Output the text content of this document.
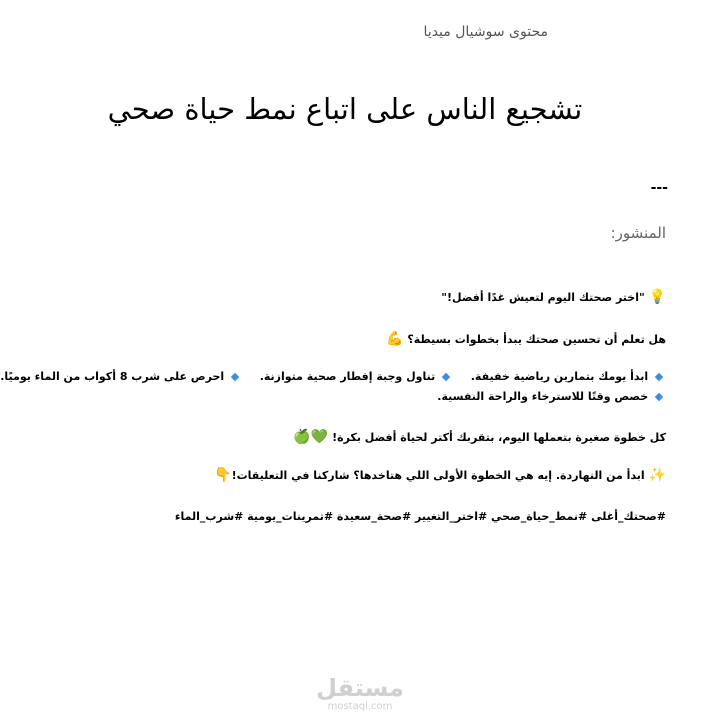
محتوى سوشيال ميديا
تشجيع الناس على اتباع نمط حياة صحي
---
المنشور:
💡 "اختر صحتك اليوم لتعيش غدًا أفضل!"
هل تعلم أن تحسين صحتك يبدأ بخطوات بسيطة؟ 💪
ابدأ يومك بتمارين رياضية خفيفة.   تناول وجبة إفطار صحية متوازنة.   احرص على شرب 8 أكواب من الماء يوميًا.
خصص وقتًا للاسترخاء والراحة النفسية.
كل خطوة صغيرة بتعملها اليوم، بتقربك أكتر لحياة أفضل بكرة! 💚🍏
✨ ابدأ من النهاردة. إيه هي الخطوة الأولى اللي هتاخدها؟ شاركنا في التعليقات!👇
#صحتك_أغلى #نمط_حياة_صحي #اختر_التغيير #صحة_سعيدة #تمرينات_يومية #شرب_الماء
مستقل
mostaql.com
